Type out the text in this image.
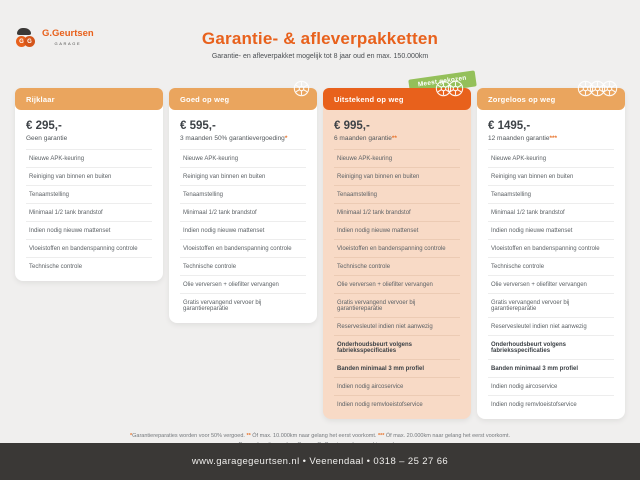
G G
G.Geurtsen
GARAGE	Garantie- & afleverpakketten

Garantie- en afleverpakket mogelijk tot 8 jaar oud en max. 150.000km

Rijklaar
€ 295,-
Geen garantie
Nieuwe APK-keuring
Reiniging van binnen en buiten
Tenaamstelling
Minimaal 1/2 tank brandstof
Indien nodig nieuwe mattenset
Vloeistoffen en bandenspanning controle
Technische controle
Goed op weg
€ 595,-
3 maanden 50% garantievergoeding*
Nieuwe APK-keuring
Reiniging van binnen en buiten
Tenaamstelling
Minimaal 1/2 tank brandstof
Indien nodig nieuwe mattenset
Vloeistoffen en bandenspanning controle
Technische controle
Olie verversen + oliefilter vervangen
Gratis vervangend vervoer bij garantiereparatie
Meest gekozen
Uitstekend op weg
€ 995,-
6 maanden garantie**
Nieuwe APK-keuring
Reiniging van binnen en buiten
Tenaamstelling
Minimaal 1/2 tank brandstof
Indien nodig nieuwe mattenset
Vloeistoffen en bandenspanning controle
Technische controle
Olie verversen + oliefilter vervangen
Gratis vervangend vervoer bij garantiereparatie
Reservesleutel indien niet aanwezig
Onderhoudsbeurt volgens fabrieksspecificaties
Banden minimaal 3 mm profiel
Indien nodig aircoservice
Indien nodig remvloeistofservice
Zorgeloos op weg
€ 1495,-
12 maanden garantie***
Nieuwe APK-keuring
Reiniging van binnen en buiten
Tenaamstelling
Minimaal 1/2 tank brandstof
Indien nodig nieuwe mattenset
Vloeistoffen en bandenspanning controle
Technische controle
Olie verversen + oliefilter vervangen
Gratis vervangend vervoer bij garantiereparatie
Reservesleutel indien niet aanwezig
Onderhoudsbeurt volgens fabrieksspecificaties
Banden minimaal 3 mm profiel
Indien nodig aircoservice
Indien nodig remvloeistofservice
*Garantiereparaties worden voor 50% vergoed. ** Óf max. 10.000km naar gelang het eerst voorkomt. *** Óf max. 20.000km naar gelang het eerst voorkomt.
www.garagegeurtsen.nl • Veenendaal • 0318 – 25 27 66
